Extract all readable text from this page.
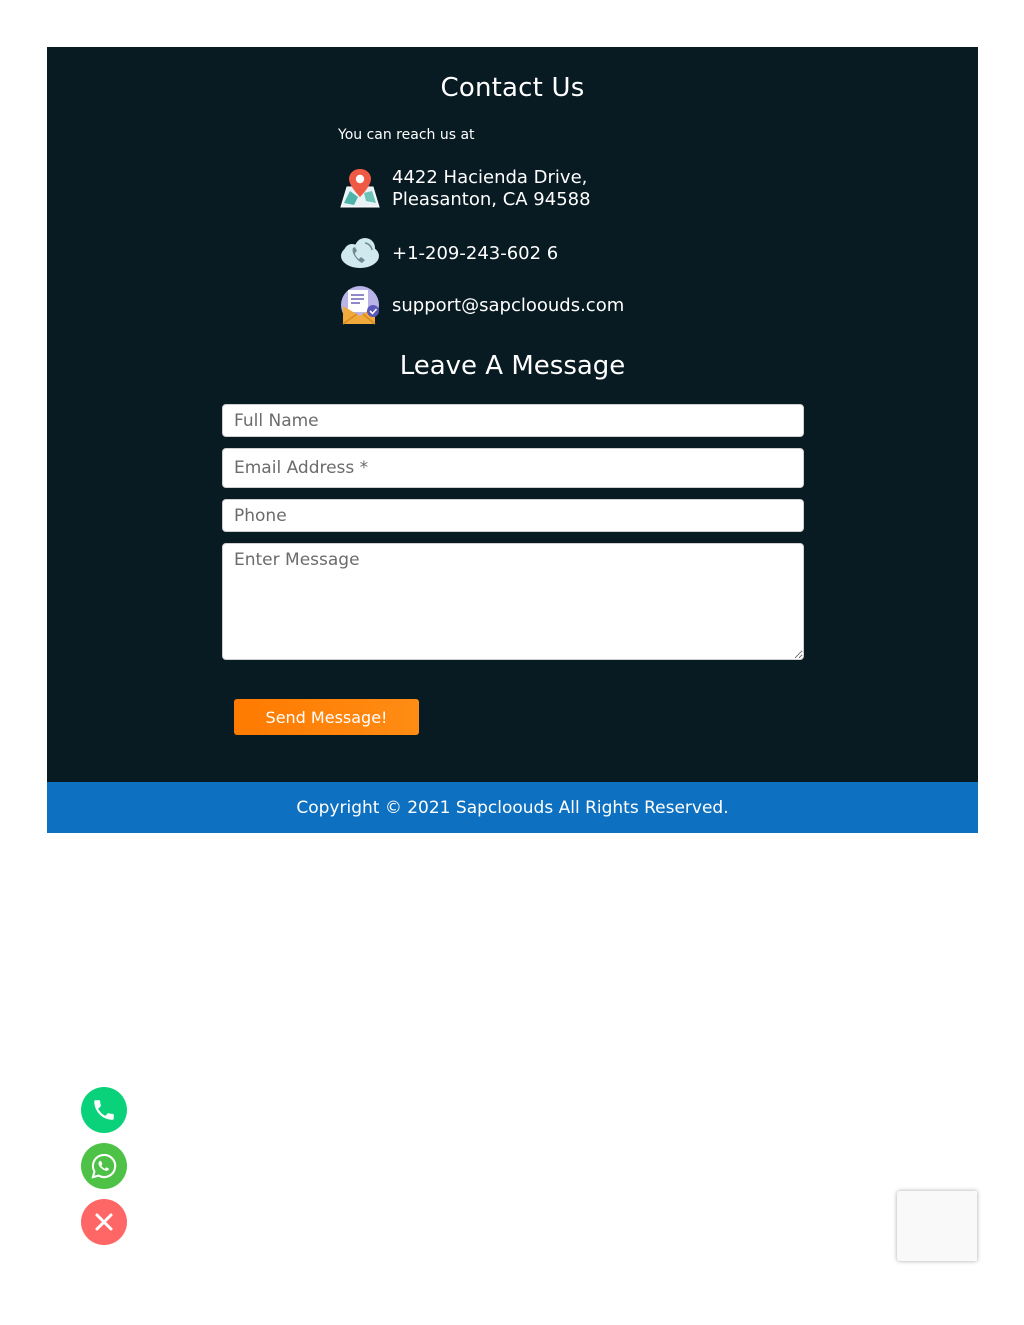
Contact Us

You can reach us at

4422 Hacienda Drive,
Pleasanton, CA 94588
+1-209-243-602 6
support@sapcloouds.com
Leave A Message
Full Name
Email Address *
Phone
Enter Message
Send Message!
Copyright © 2021 Sapcloouds All Rights Reserved.
